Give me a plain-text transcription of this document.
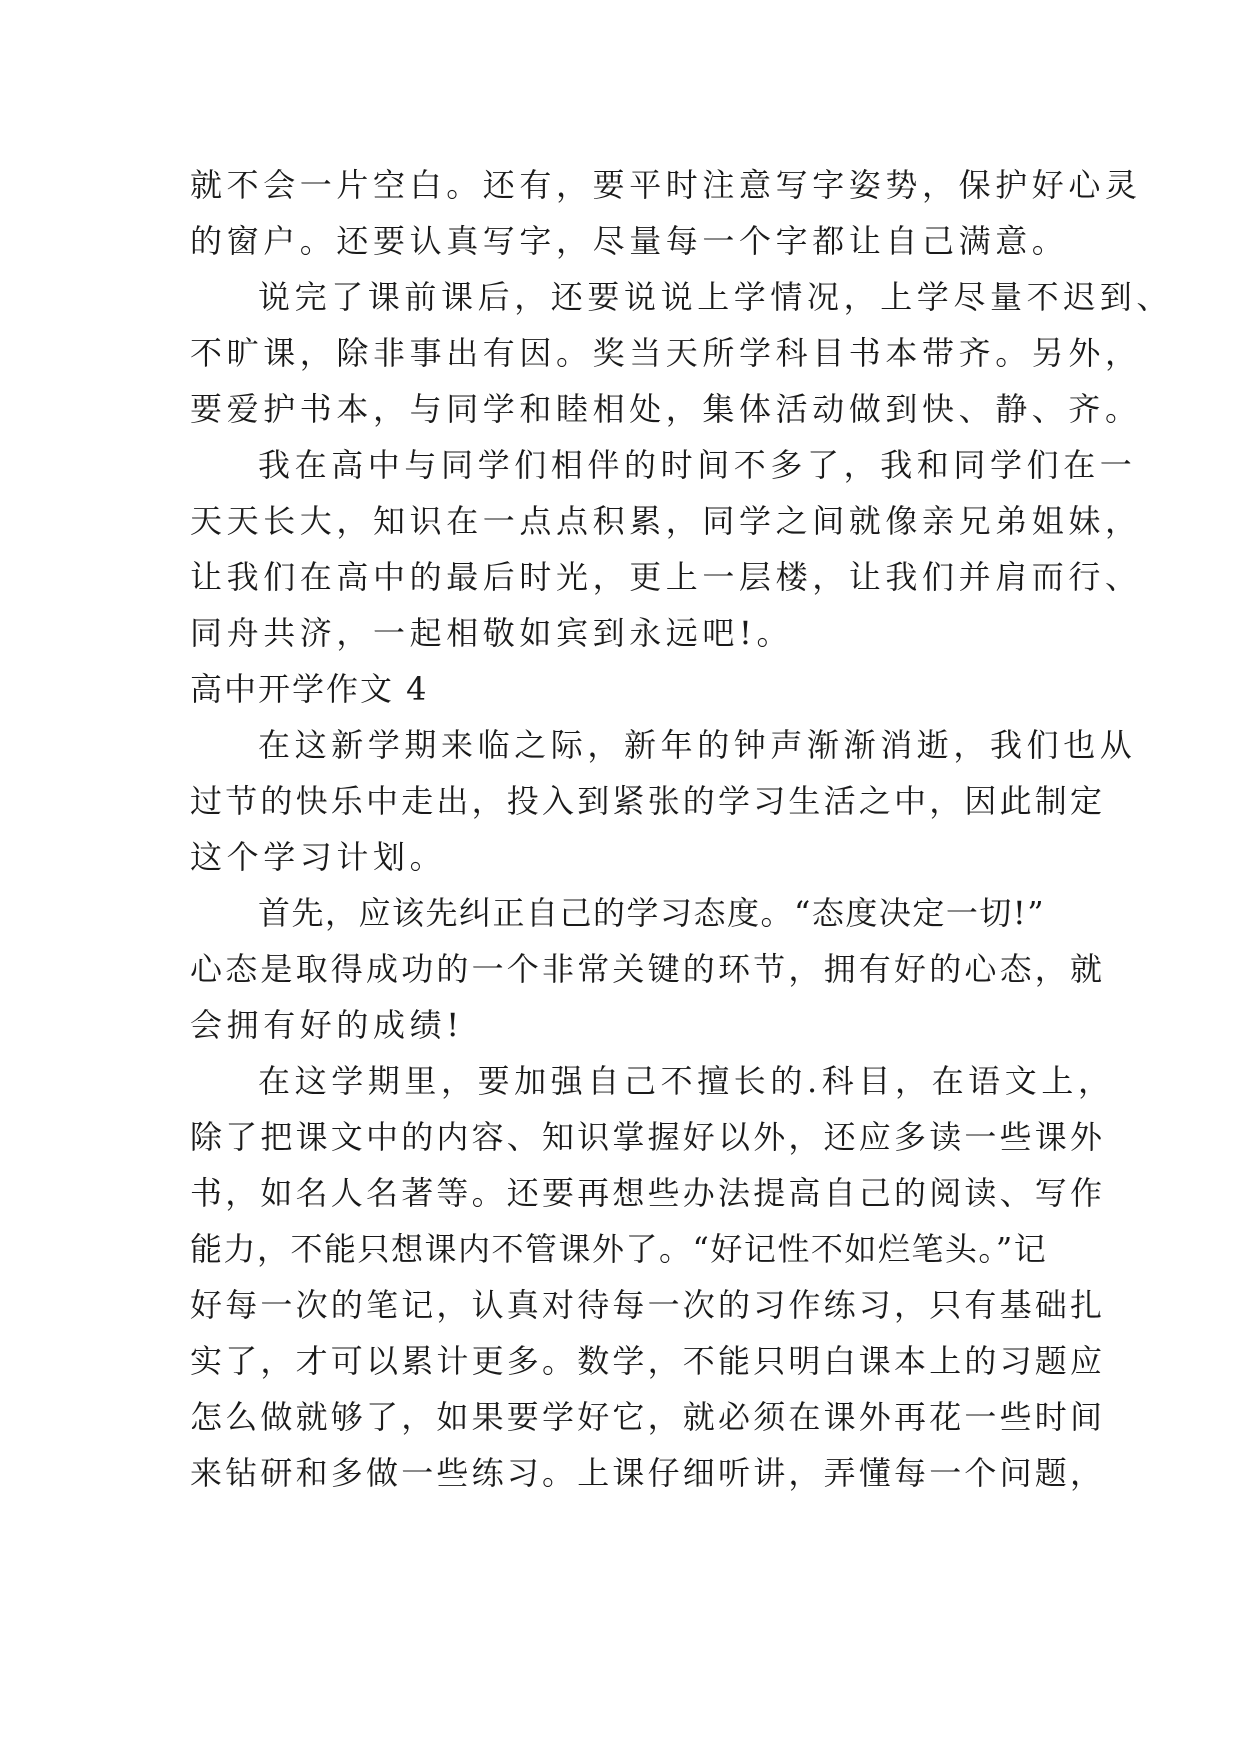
就不会一片空白。还有，要平时注意写字姿势，保护好心灵
的窗户。还要认真写字，尽量每一个字都让自己满意。
说完了课前课后，还要说说上学情况，上学尽量不迟到、
不旷课，除非事出有因。奖当天所学科目书本带齐。另外，
要爱护书本，与同学和睦相处，集体活动做到快、静、齐。
我在高中与同学们相伴的时间不多了，我和同学们在一
天天长大，知识在一点点积累，同学之间就像亲兄弟姐妹，
让我们在高中的最后时光，更上一层楼，让我们并肩而行、
同舟共济，一起相敬如宾到永远吧!。
高中开学作文 4
在这新学期来临之际，新年的钟声渐渐消逝，我们也从
过节的快乐中走出，投入到紧张的学习生活之中，因此制定
这个学习计划。
首先，应该先纠正自己的学习态度。“态度决定一切!”
心态是取得成功的一个非常关键的环节，拥有好的心态，就
会拥有好的成绩!
在这学期里，要加强自己不擅长的.科目，在语文上，
除了把课文中的内容、知识掌握好以外，还应多读一些课外
书，如名人名著等。还要再想些办法提高自己的阅读、写作
能力，不能只想课内不管课外了。“好记性不如烂笔头。”记
好每一次的笔记，认真对待每一次的习作练习，只有基础扎
实了，才可以累计更多。数学，不能只明白课本上的习题应
怎么做就够了，如果要学好它，就必须在课外再花一些时间
来钻研和多做一些练习。上课仔细听讲，弄懂每一个问题，
